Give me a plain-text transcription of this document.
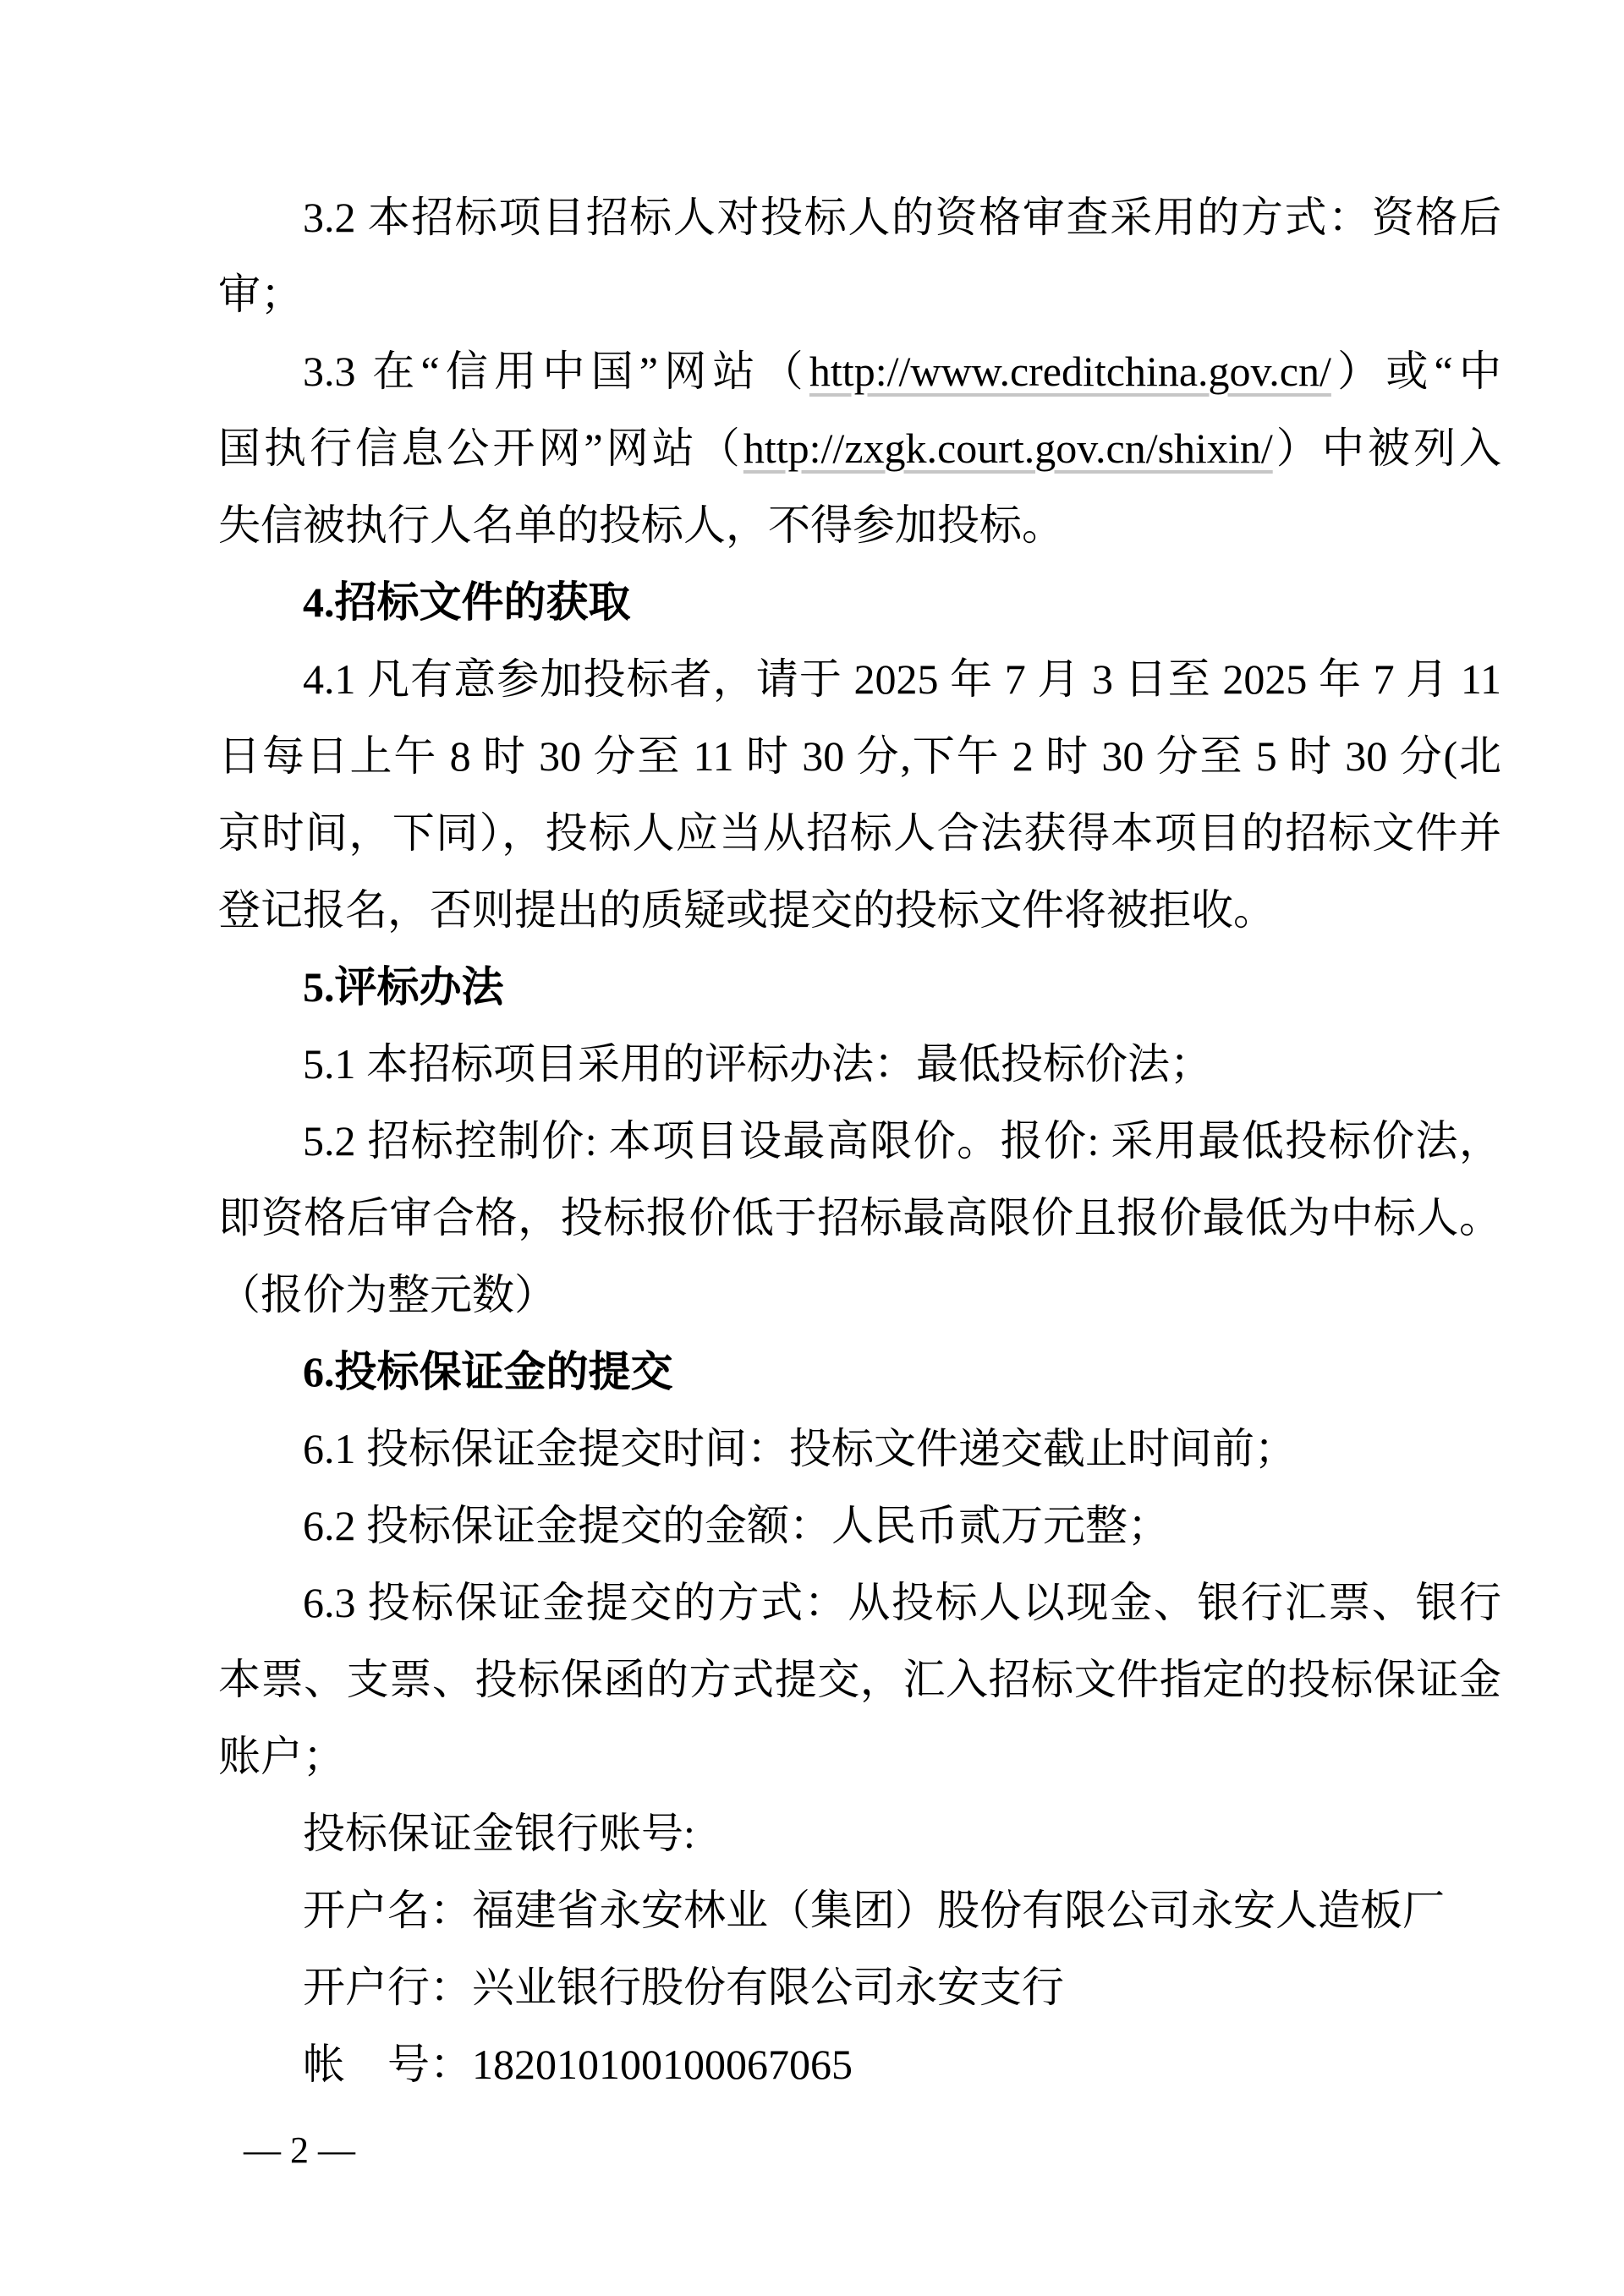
3.2 本招标项目招标人对投标人的资格审查采用的方式：资格后
审；
3.3 在“信用中国”网站（http://www.creditchina.gov.cn/）或“中
国执行信息公开网”网站（http://zxgk.court.gov.cn/shixin/）中被列入
失信被执行人名单的投标人，不得参加投标。
4.招标文件的获取
4.1 凡有意参加投标者，请于 2025 年 7 月 3 日至 2025 年 7 月 11
日每日上午 8 时 30 分至 11 时 30 分,下午 2 时 30 分至 5 时 30 分(北
京时间，下同），投标人应当从招标人合法获得本项目的招标文件并
登记报名，否则提出的质疑或提交的投标文件将被拒收。
5.评标办法
5.1 本招标项目采用的评标办法：最低投标价法；
5.2 招标控制价: 本项目设最高限价。报价: 采用最低投标价法，
即资格后审合格，投标报价低于招标最高限价且报价最低为中标人。
（报价为整元数）
6.投标保证金的提交
6.1 投标保证金提交时间：投标文件递交截止时间前；
6.2 投标保证金提交的金额：人民币贰万元整；
6.3 投标保证金提交的方式：从投标人以现金、银行汇票、银行
本票、支票、投标保函的方式提交，汇入招标文件指定的投标保证金
账户；
投标保证金银行账号:
开户名：福建省永安林业（集团）股份有限公司永安人造板厂
开户行：兴业银行股份有限公司永安支行
帐　号：182010100100067065
— 2 —
